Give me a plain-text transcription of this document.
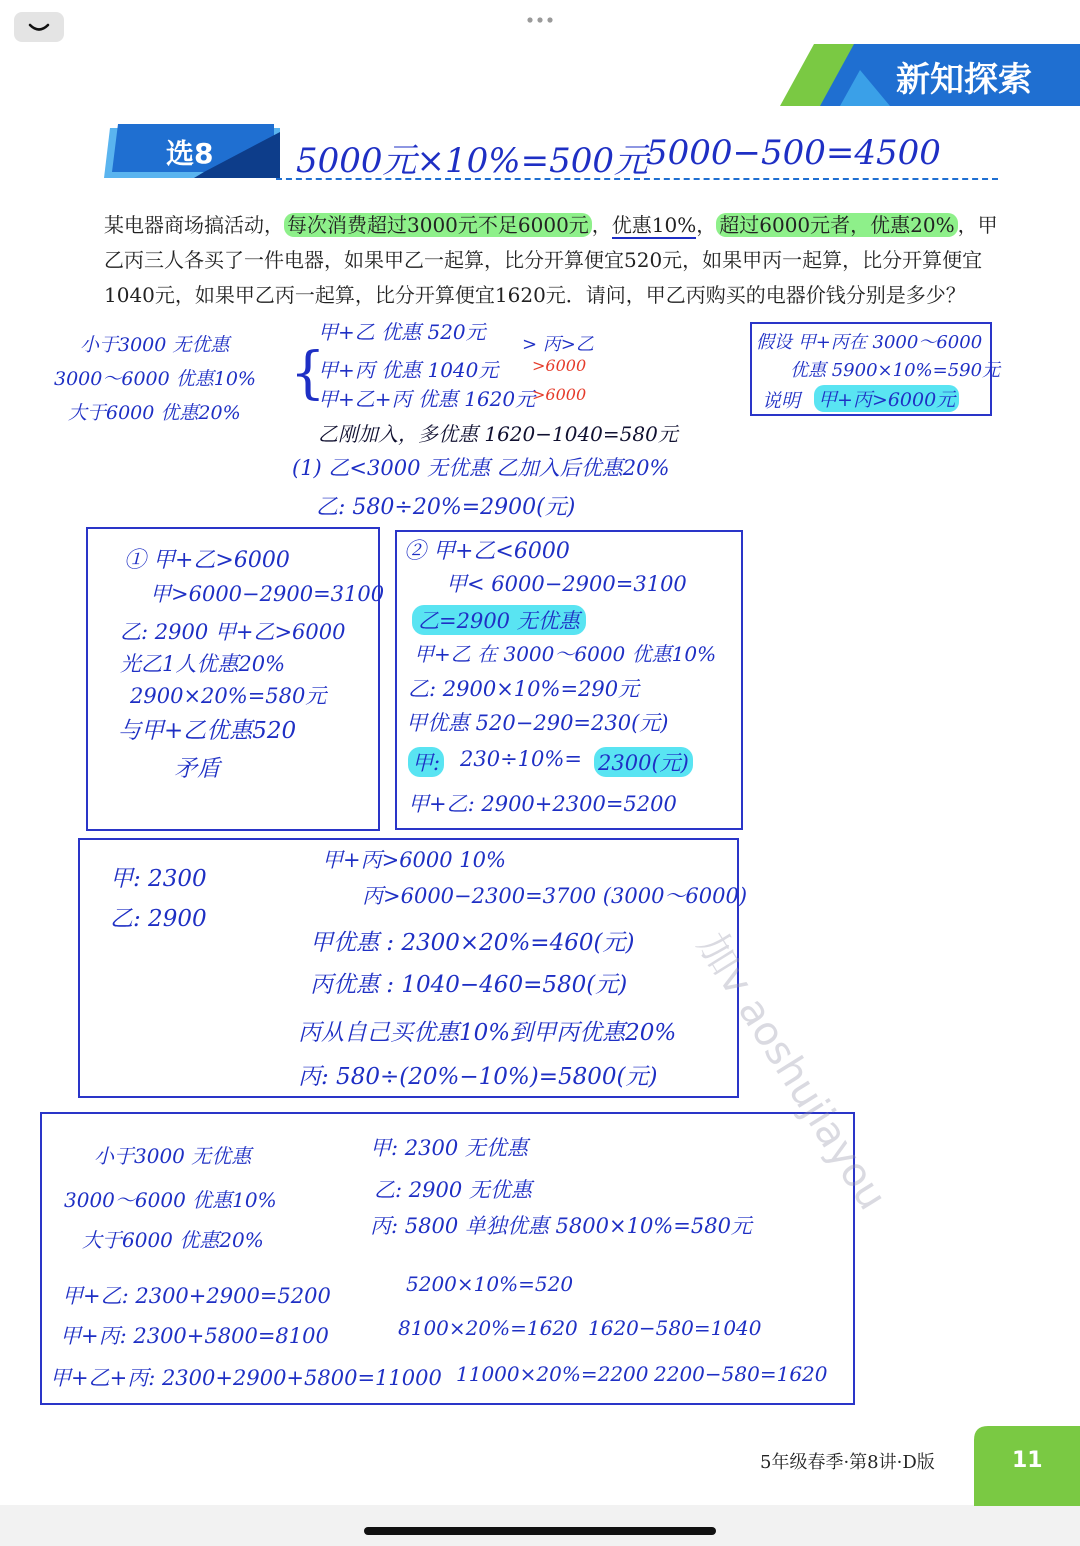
新知探索
选8 5000元×10%=500元
5000−500=4500
某电器商场搞活动， 每次消费超过3000元不足6000元 ，优惠10%， 超过6000元者，优惠20% ，甲乙丙三人各买了一件电器，如果甲乙一起算，比分开算便宜520元，如果甲丙一起算，比分开算便宜1040元，如果甲乙丙一起算，比分开算便宜1620元．请问，甲乙丙购买的电器价钱分别是多少？
小于3000 无优惠
3000～6000 优惠10%
大于6000 优惠20%
甲+乙 优惠 520元
> 丙>乙
{
甲+丙 优惠 1040元 >6000
甲+乙+丙 优惠 1620元
>6000
乙刚加入，多优惠 1620−1040=580元
(1) 乙<3000 无优惠 乙加入后优惠20%
乙: 580÷20%=2900(元)
假设 甲+丙在 3000～6000
优惠 5900×10%=590元
说明 甲+丙>6000元
① 甲+乙>6000
甲>6000−2900=3100
乙: 2900 甲+乙>6000
光乙1人优惠20%
2900×20%=580元
与甲+乙优惠520
矛盾
② 甲+乙<6000
甲< 6000−2900=3100
乙=2900 无优惠
甲+乙 在 3000～6000 优惠10%
乙: 2900×10%=290元
甲优惠 520−290=230(元)
甲: 230÷10%= 2300(元)
甲+乙: 2900+2300=5200
甲: 2300
乙: 2900
甲+丙>6000 10%
丙>6000−2300=3700 (3000～6000)
甲优惠 : 2300×20%=460(元)
丙优惠 : 1040−460=580(元)
丙从自己买优惠10%到甲丙优惠20%
丙: 580÷(20%−10%)=5800(元)
小于3000 无优惠
3000～6000 优惠10%
大于6000 优惠20%
甲: 2300 无优惠
乙: 2900 无优惠
丙: 5800 单独优惠 5800×10%=580元
甲+乙: 2300+2900=5200
甲+丙: 2300+5800=8100
甲+乙+丙: 2300+2900+5800=11000
5200×10%=520
8100×20%=1620
11000×20%=2200
1620−580=1040
2200−580=1620
加v aoshujiayou
5年级春季·第8讲·D版	11
